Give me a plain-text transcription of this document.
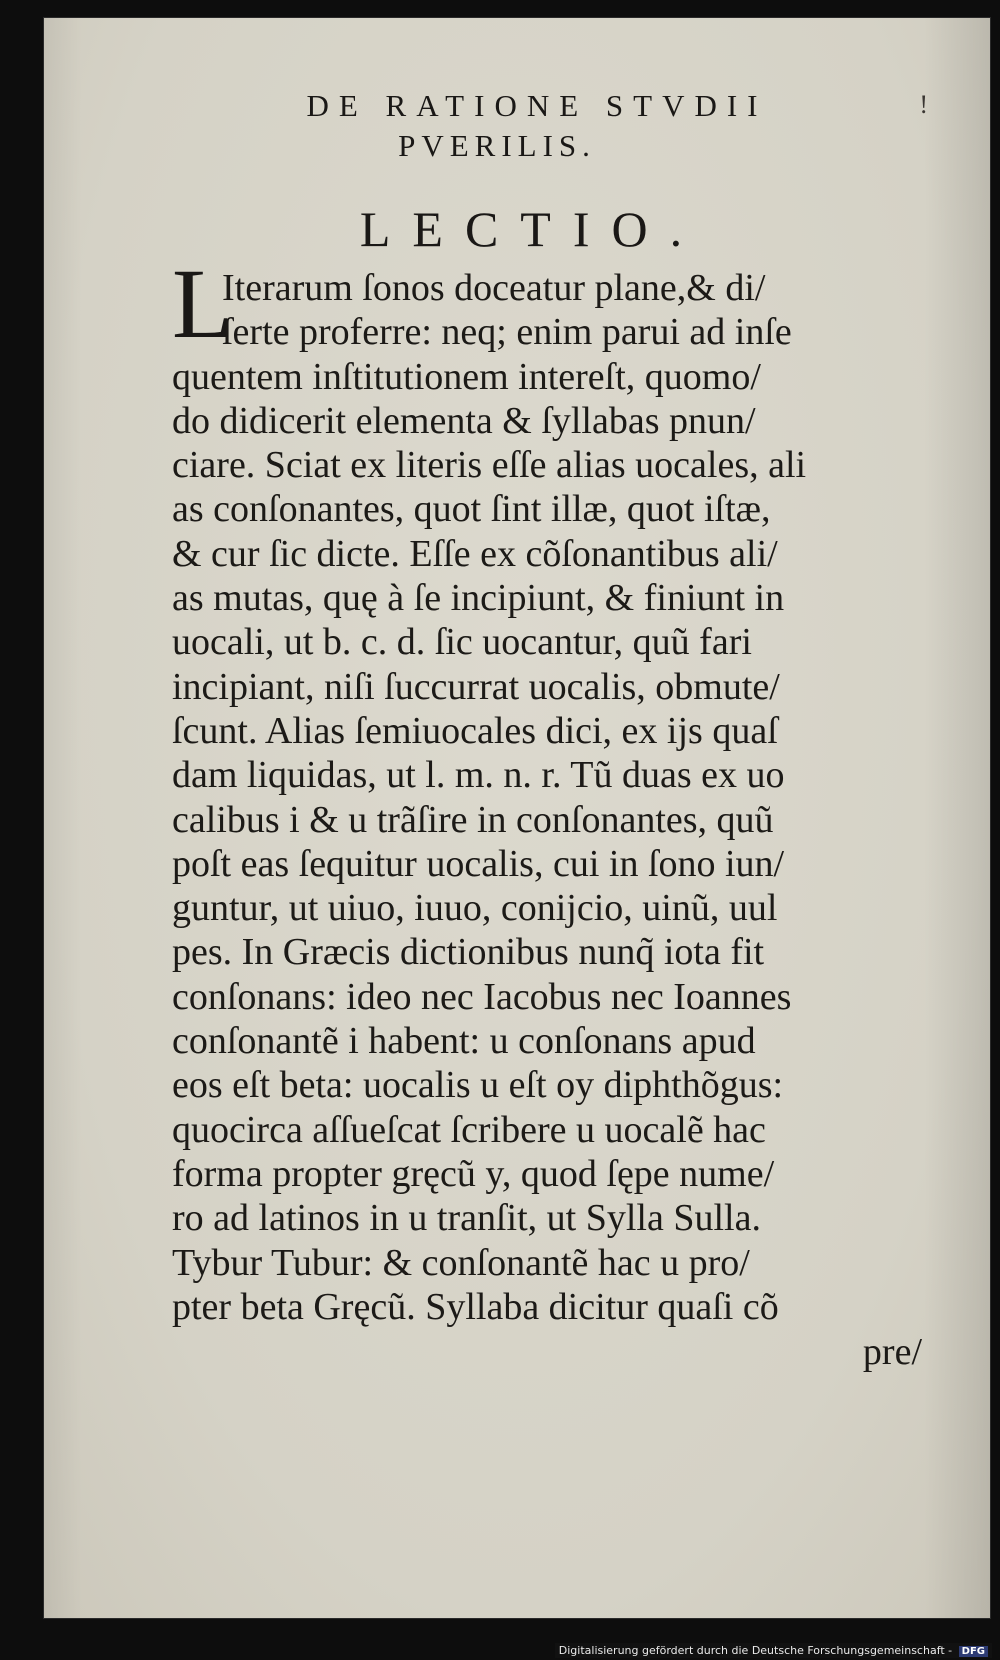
DE RATIONE STVDII
PVERILIS.
!
LECTIO.
L
Iterarum ſonos doceatur plane,& di/
ſerte proferre: neq; enim parui ad inſe
quentem inſtitutionem intereſt, quomo/
do didicerit elementa & ſyllabas pnun/
ciare. Sciat ex literis eſſe alias uocales, ali
as conſonantes, quot ſint illæ, quot iſtæ,
& cur ſic dicte. Eſſe ex cõſonantibus ali/
as mutas, quę à ſe incipiunt, & finiunt in
uocali, ut b. c. d. ſic uocantur, quũ fari
incipiant, niſi ſuccurrat uocalis, obmute/
ſcunt. Alias ſemiuocales dici, ex ijs quaſ
dam liquidas, ut l. m. n. r. Tũ duas ex uo
calibus i & u trãſire in conſonantes, quũ
poſt eas ſequitur uocalis, cui in ſono iun/
guntur, ut uiuo, iuuo, conijcio, uinũ, uul
pes. In Græcis dictionibus nunq̃ iota fit
conſonans: ideo nec Iacobus nec Ioannes
conſonantẽ i habent: u conſonans apud
eos eſt beta: uocalis u eſt oy diphthõgus:
quocirca aſſueſcat ſcribere u uocalẽ hac
forma propter gręcũ y, quod ſępe nume/
ro ad latinos in u tranſit, ut Sylla Sulla.
Tybur Tubur: & conſonantẽ hac u pro/
pter beta Gręcũ. Syllaba dicitur quaſi cõ
pre/
Digitalisierung gefördert durch die Deutsche Forschungsgemeinschaft - DFG
